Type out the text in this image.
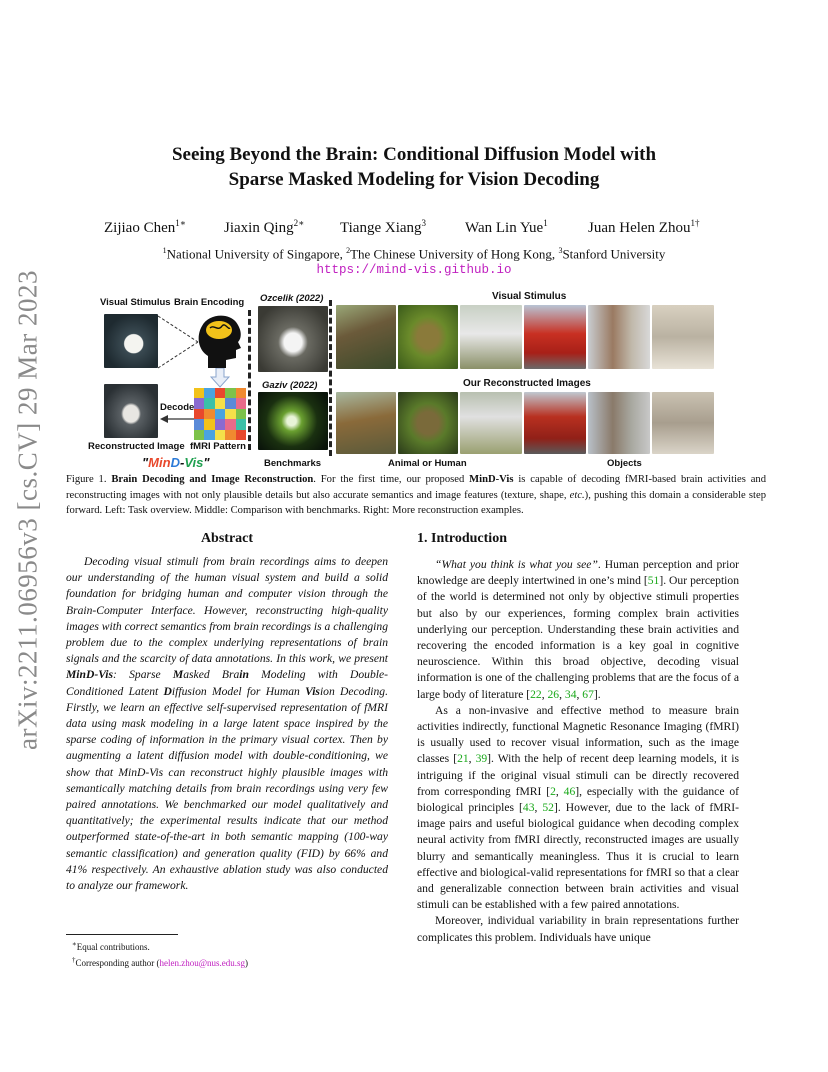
arXiv:2211.06956v3 [cs.CV] 29 Mar 2023
Seeing Beyond the Brain: Conditional Diffusion Model with
Sparse Masked Modeling for Vision Decoding
Zijiao Chen$^{1∗}$	Jiaxin Qing$^{2∗}$ Tiange Xiang$^3$	Wan Lin Yue$^1$	Juan Helen Zhou$^{1\dagger}$
$^1$National University of Singapore, $^2$The Chinese University of Hong Kong, $^3$Stanford University
https://mind-vis.github.io
Visual Stimulus Brain Encoding
Decode
Reconstructed Image fMRI Pattern
"MinD-Vis"
Ozcelik (2022)
Gaziv (2022)
Benchmarks
Visual Stimulus
Our Reconstructed Images
Animal or Human	Objects
Figure 1. Brain Decoding and Image Reconstruction. For the first time, our proposed MinD-Vis is capable of decoding fMRI-based brain activities and reconstructing images with not only plausible details but also accurate semantics and image features (texture, shape, etc.), pushing this domain a considerable step forward. Left: Task overview. Middle: Comparison with benchmarks. Right: More reconstruction examples.
Abstract
Decoding visual stimuli from brain recordings aims to deepen our understanding of the human visual system and build a solid foundation for bridging human and computer vision through the Brain-Computer Interface. However, reconstructing high-quality images with correct semantics from brain recordings is a challenging problem due to the complex underlying representations of brain signals and the scarcity of data annotations. In this work, we present MinD-Vis: Sparse Masked Brain Modeling with Double-Conditioned Latent Diffusion Model for Human Vision Decoding. Firstly, we learn an effective self-supervised representation of fMRI data using mask modeling in a large latent space inspired by the sparse coding of information in the primary visual cortex. Then by augmenting a latent diffusion model with double-conditioning, we show that MinD-Vis can reconstruct highly plausible images with semantically matching details from brain recordings using very few paired annotations. We benchmarked our model qualitatively and quantitatively; the experimental results indicate that our method outperformed state-of-the-art in both semantic mapping (100-way semantic classification) and generation quality (FID) by 66% and 41% respectively. An exhaustive ablation study was also conducted to analyze our framework.
1. Introduction

“What you think is what you see”. Human perception and prior knowledge are deeply intertwined in one’s mind [51]. Our perception of the world is determined not only by objective stimuli properties but also by our experiences, forming complex brain activities underlying our perception. Understanding these brain activities and recovering the encoded information is a key goal in cognitive neuroscience. Within this broad objective, decoding visual information is one of the challenging problems that are the focus of a large body of literature [22, 26, 34, 67].

As a non-invasive and effective method to measure brain activities indirectly, functional Magnetic Resonance Imaging (fMRI) is usually used to recover visual information, such as the image classes [21, 39]. With the help of recent deep learning models, it is intriguing if the original visual stimuli can be directly recovered from corresponding fMRI [2, 46], especially with the guidance of biological principles [43, 52]. However, due to the lack of fMRI-image pairs and useful biological guidance when decoding complex neural activity from fMRI directly, reconstructed images are usually blurry and semantically meaningless. Thus it is crucial to learn effective and biological-valid representations for fMRI so that a clear and generalizable connection between brain activities and visual stimuli can be established with a few paired annotations.

Moreover, individual variability in brain representations further complicates this problem. Individuals have unique

∗Equal contributions.
†Corresponding author (helen.zhou@nus.edu.sg)
